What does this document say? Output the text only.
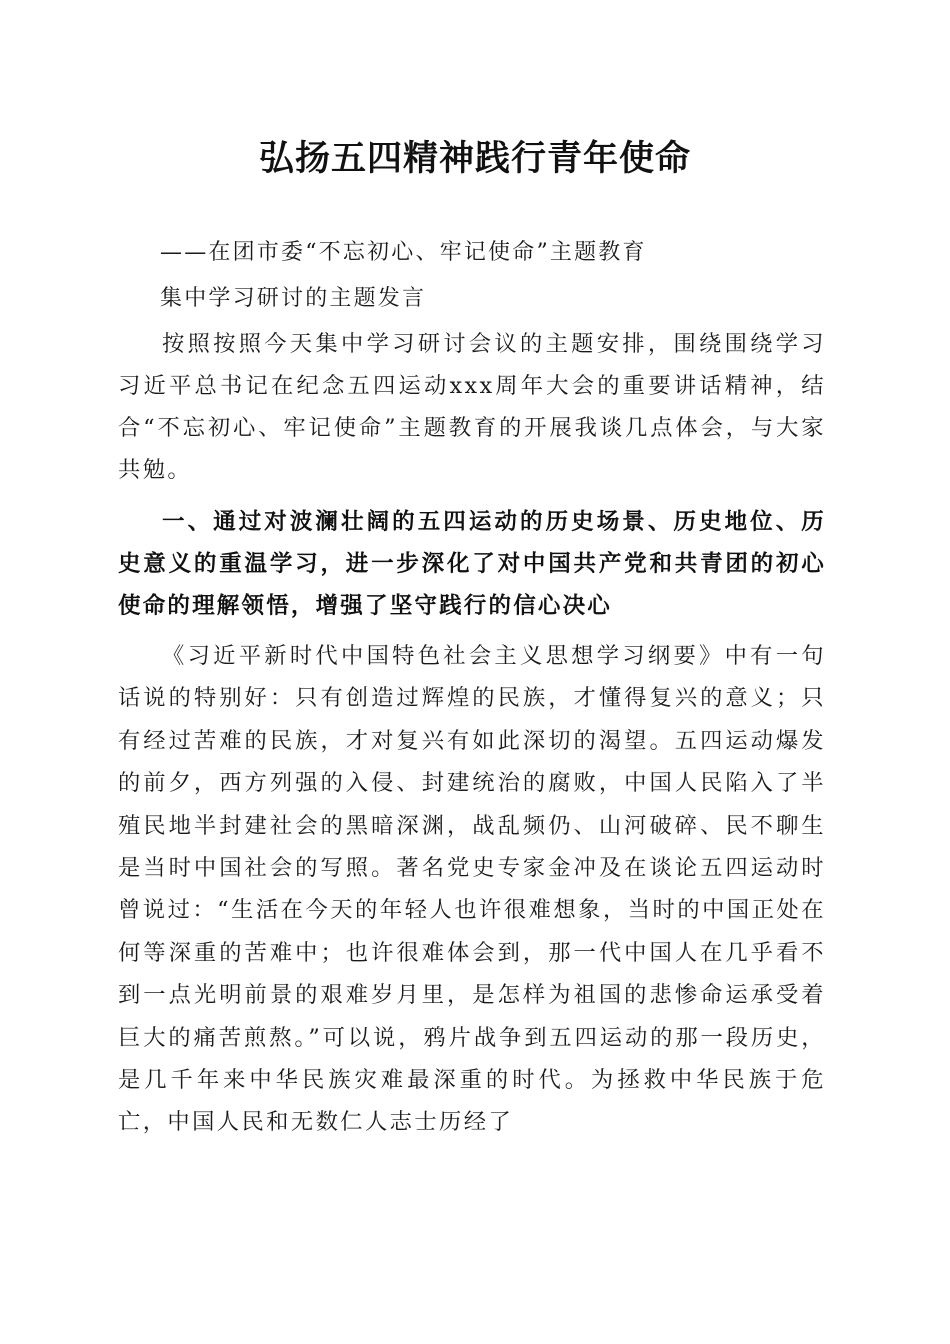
弘扬五四精神践行青年使命
——在团市委“不忘初心、牢记使命”主题教育
集中学习研讨的主题发言

按照按照今天集中学习研讨会议的主题安排，围绕围绕学习习近平总书记在纪念五四运动xxx周年大会的重要讲话精神，结合“不忘初心、牢记使命”主题教育的开展我谈几点体会，与大家共勉。

一、通过对波澜壮阔的五四运动的历史场景、历史地位、历史意义的重温学习，进一步深化了对中国共产党和共青团的初心使命的理解领悟，增强了坚守践行的信心决心

《习近平新时代中国特色社会主义思想学习纲要》中有一句话说的特别好：只有创造过辉煌的民族，才懂得复兴的意义；只有经过苦难的民族，才对复兴有如此深切的渴望。五四运动爆发的前夕，西方列强的入侵、封建统治的腐败，中国人民陷入了半殖民地半封建社会的黑暗深渊，战乱频仍、山河破碎、民不聊生是当时中国社会的写照。著名党史专家金冲及在谈论五四运动时曾说过：“生活在今天的年轻人也许很难想象，当时的中国正处在何等深重的苦难中；也许很难体会到，那一代中国人在几乎看不到一点光明前景的艰难岁月里，是怎样为祖国的悲惨命运承受着巨大的痛苦煎熬。”可以说，鸦片战争到五四运动的那一段历史，是几千年来中华民族灾难最深重的时代。为拯救中华民族于危亡，中国人民和无数仁人志士历经了
